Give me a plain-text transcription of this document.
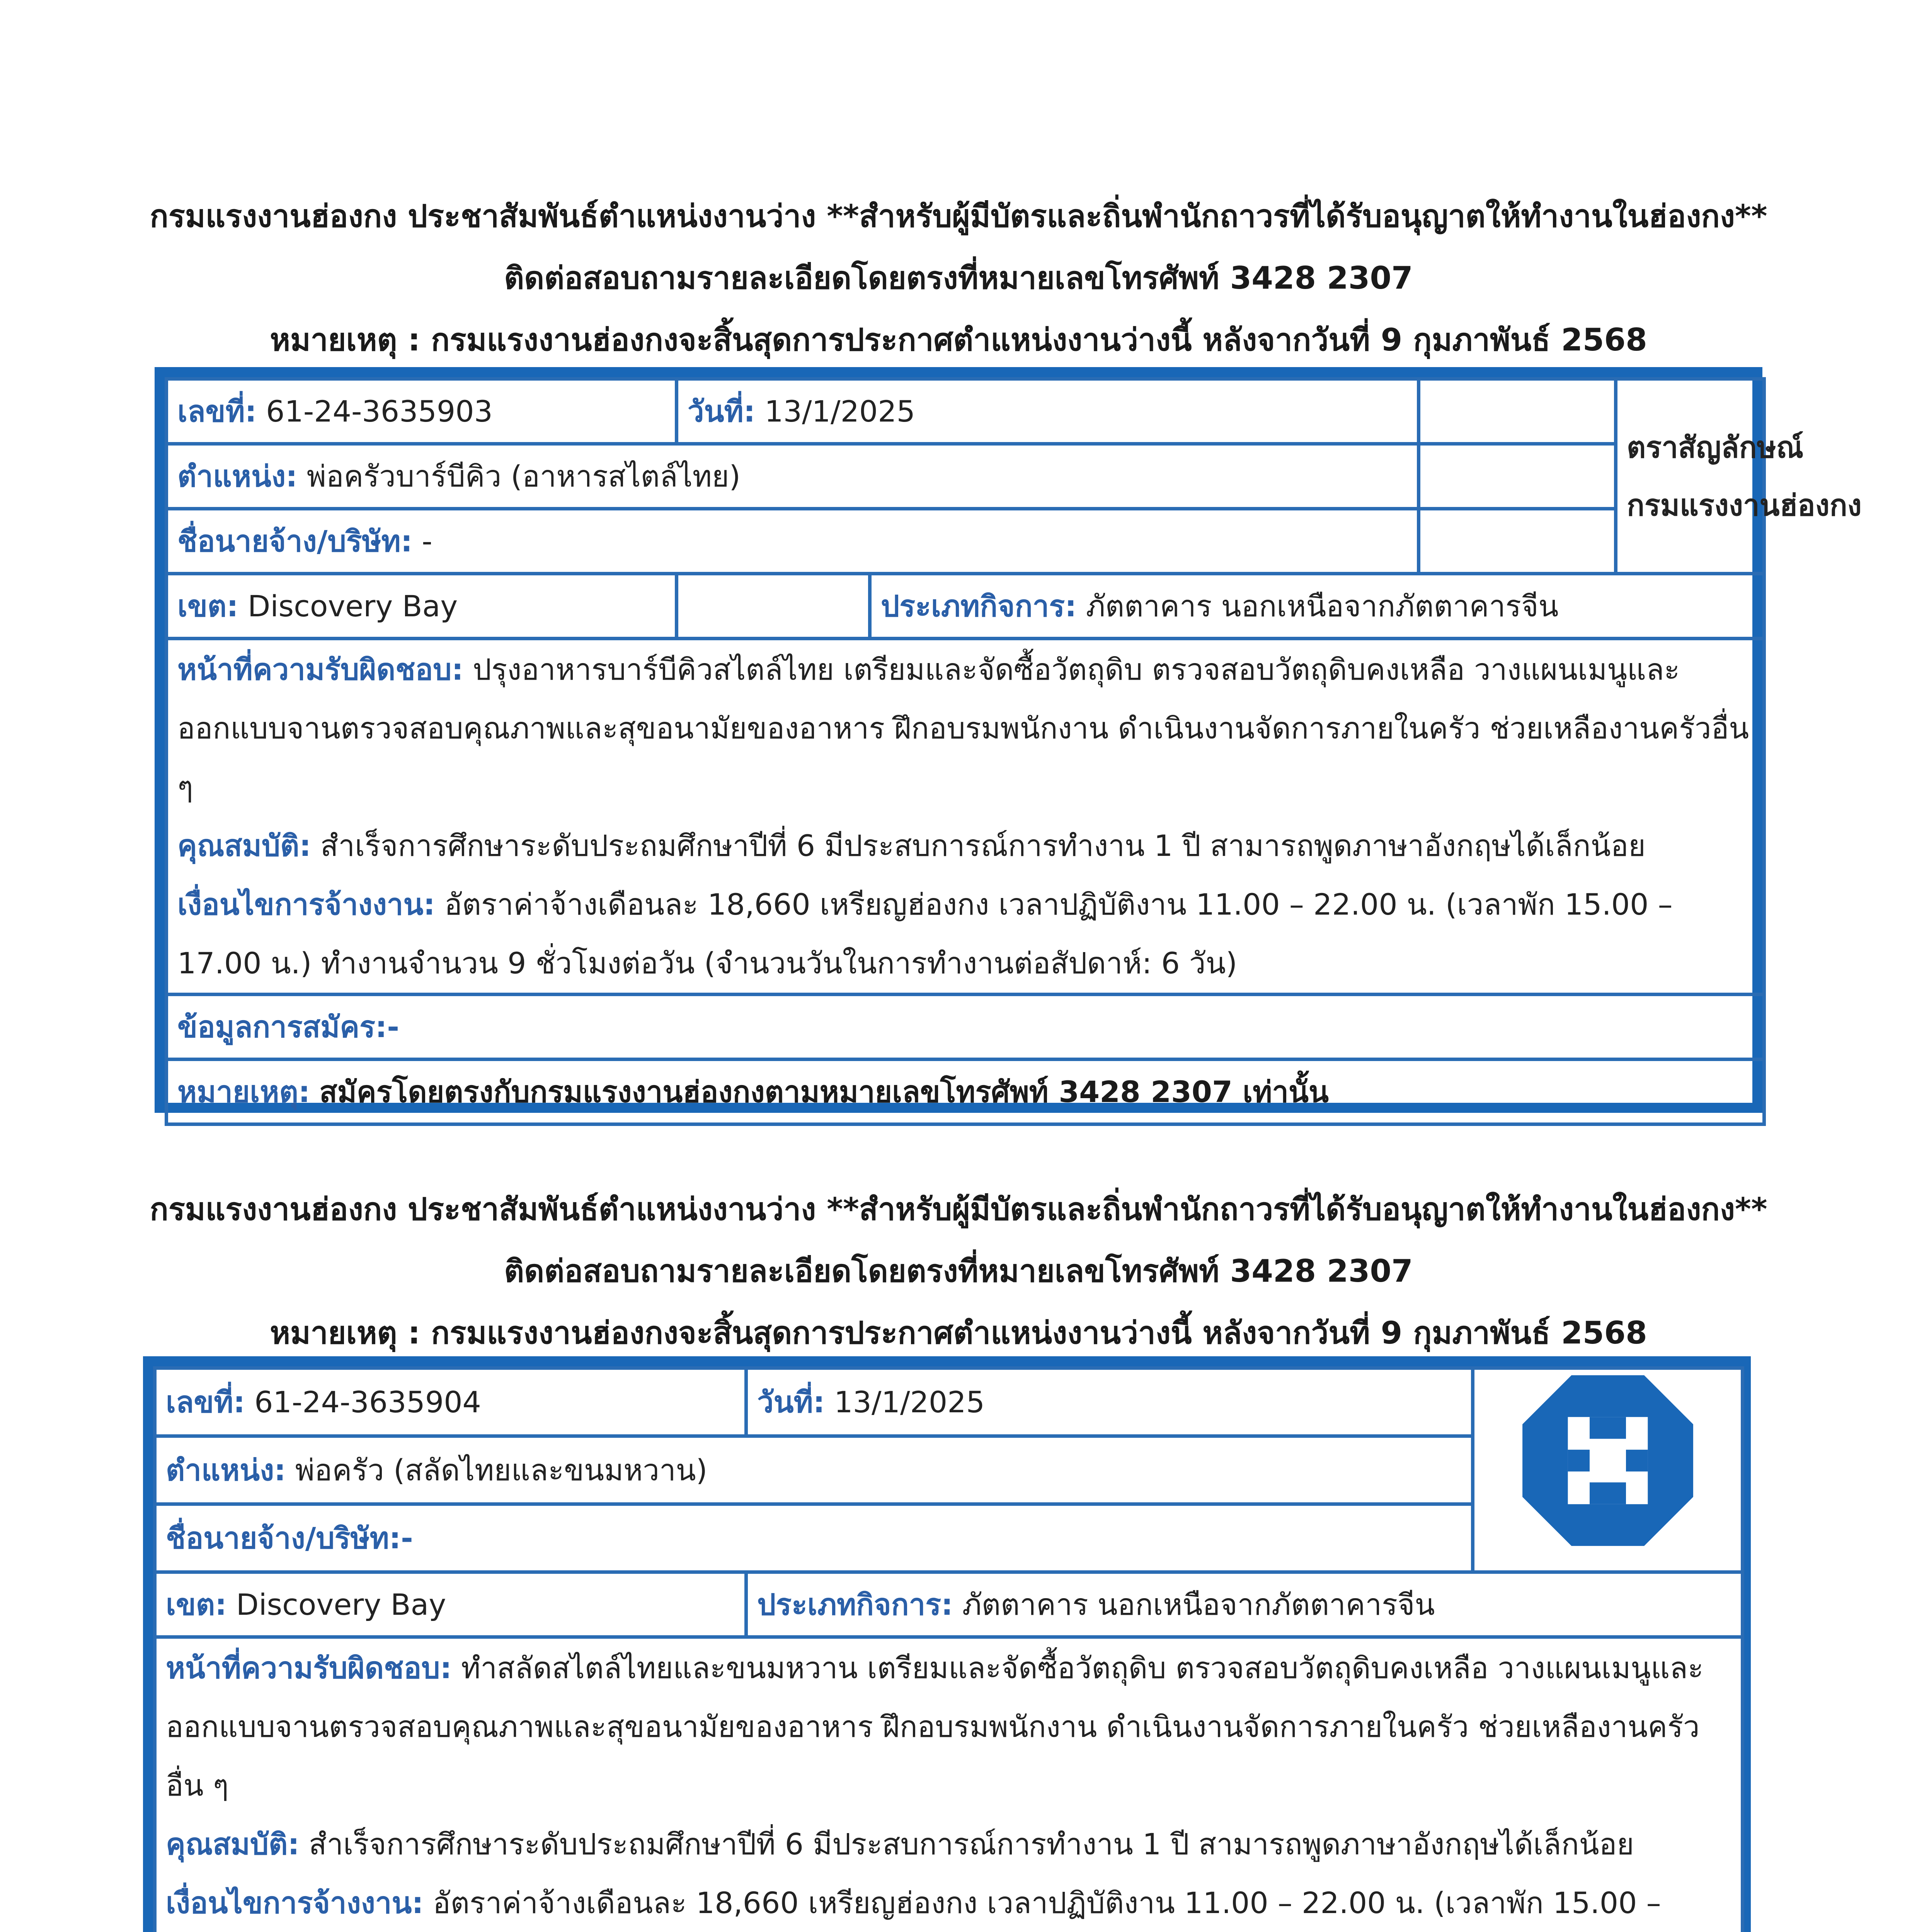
กรมแรงงานฮ่องกง ประชาสัมพันธ์ตำแหน่งงานว่าง **สำหรับผู้มีบัตรและถิ่นพำนักถาวรที่ได้รับอนุญาตให้ทำงานในฮ่องกง**
ติดต่อสอบถามรายละเอียดโดยตรงที่หมายเลขโทรศัพท์ 3428 2307
หมายเหตุ : กรมแรงงานฮ่องกงจะสิ้นสุดการประกาศตำแหน่งงานว่างนี้ หลังจากวันที่ 9 กุมภาพันธ์ 2568
เลขที่: 61-24-3635903	วันที่: 13/1/2025			ตราสัญลักษณ์
กรมแรงงานฮ่องกง

ตำแหน่ง: พ่อครัวบาร์บีคิว (อาหารสไตล์ไทย)				
ชื่อนายจ้าง/บริษัท: -				
เขต: Discovery Bay		ประเภทกิจการ: ภัตตาคาร นอกเหนือจากภัตตาคารจีน		

หน้าที่ความรับผิดชอบ: ปรุงอาหารบาร์บีคิวสไตล์ไทย เตรียมและจัดซื้อวัตถุดิบ ตรวจสอบวัตถุดิบคงเหลือ วางแผนเมนูและออกแบบจานตรวจสอบคุณภาพและสุขอนามัยของอาหาร ฝึกอบรมพนักงาน ดำเนินงานจัดการภายในครัว ช่วยเหลืองานครัวอื่น ๆ
คุณสมบัติ: สำเร็จการศึกษาระดับประถมศึกษาปีที่ 6 มีประสบการณ์การทำงาน 1 ปี สามารถพูดภาษาอังกฤษได้เล็กน้อย
เงื่อนไขการจ้างงาน: อัตราค่าจ้างเดือนละ 18,660 เหรียญฮ่องกง เวลาปฏิบัติงาน 11.00 – 22.00 น. (เวลาพัก 15.00 – 17.00 น.) ทำงานจำนวน 9 ชั่วโมงต่อวัน (จำนวนวันในการทำงานต่อสัปดาห์: 6 วัน)				

ข้อมูลการสมัคร:-				
หมายเหตุ: สมัครโดยตรงกับกรมแรงงานฮ่องกงตามหมายเลขโทรศัพท์ 3428 2307 เท่านั้น				
กรมแรงงานฮ่องกง ประชาสัมพันธ์ตำแหน่งงานว่าง **สำหรับผู้มีบัตรและถิ่นพำนักถาวรที่ได้รับอนุญาตให้ทำงานในฮ่องกง**
ติดต่อสอบถามรายละเอียดโดยตรงที่หมายเลขโทรศัพท์ 3428 2307
หมายเหตุ : กรมแรงงานฮ่องกงจะสิ้นสุดการประกาศตำแหน่งงานว่างนี้ หลังจากวันที่ 9 กุมภาพันธ์ 2568
เลขที่: 61-24-3635904	วันที่: 13/1/2025	
ตำแหน่ง: พ่อครัว (สลัดไทยและขนมหวาน)		
ชื่อนายจ้าง/บริษัท:-		
เขต: Discovery Bay	ประเภทกิจการ: ภัตตาคาร นอกเหนือจากภัตตาคารจีน	

หน้าที่ความรับผิดชอบ: ทำสลัดสไตล์ไทยและขนมหวาน เตรียมและจัดซื้อวัตถุดิบ ตรวจสอบวัตถุดิบคงเหลือ วางแผนเมนูและออกแบบจานตรวจสอบคุณภาพและสุขอนามัยของอาหาร ฝึกอบรมพนักงาน ดำเนินงานจัดการภายในครัว ช่วยเหลืองานครัวอื่น ๆ
คุณสมบัติ: สำเร็จการศึกษาระดับประถมศึกษาปีที่ 6 มีประสบการณ์การทำงาน 1 ปี สามารถพูดภาษาอังกฤษได้เล็กน้อย
เงื่อนไขการจ้างงาน: อัตราค่าจ้างเดือนละ 18,660 เหรียญฮ่องกง เวลาปฏิบัติงาน 11.00 – 22.00 น. (เวลาพัก 15.00 –		
